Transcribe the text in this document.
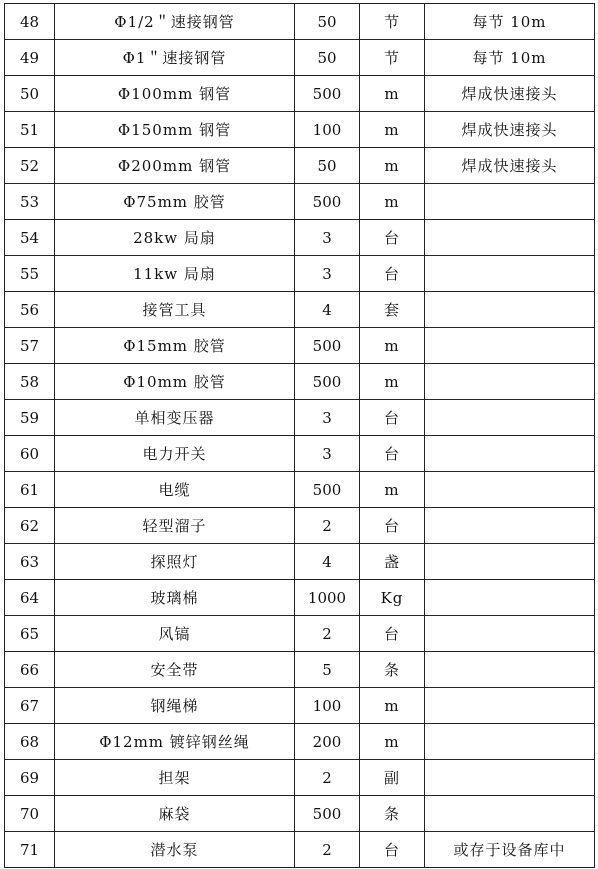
48	Φ1/2＂速接钢管	50	节	每节 10m
49	Φ1＂速接钢管	50	节	每节 10m
50	Φ100mm 钢管	500	m	焊成快速接头
51	Φ150mm 钢管	100	m	焊成快速接头
52	Φ200mm 钢管	50	m	焊成快速接头
53	Φ75mm 胶管	500	m	
54	28kw 局扇	3	台	
55	11kw 局扇	3	台	
56	接管工具	4	套	
57	Φ15mm 胶管	500	m	
58	Φ10mm 胶管	500	m	
59	单相变压器	3	台	
60	电力开关	3	台	
61	电缆	500	m	
62	轻型溜子	2	台	
63	探照灯	4	盏	
64	玻璃棉	1000	Kg	
65	风镐	2	台	
66	安全带	5	条	
67	钢绳梯	100	m	
68	Φ12mm 镀锌钢丝绳	200	m	
69	担架	2	副	
70	麻袋	500	条	
71	潜水泵	2	台	或存于设备库中
